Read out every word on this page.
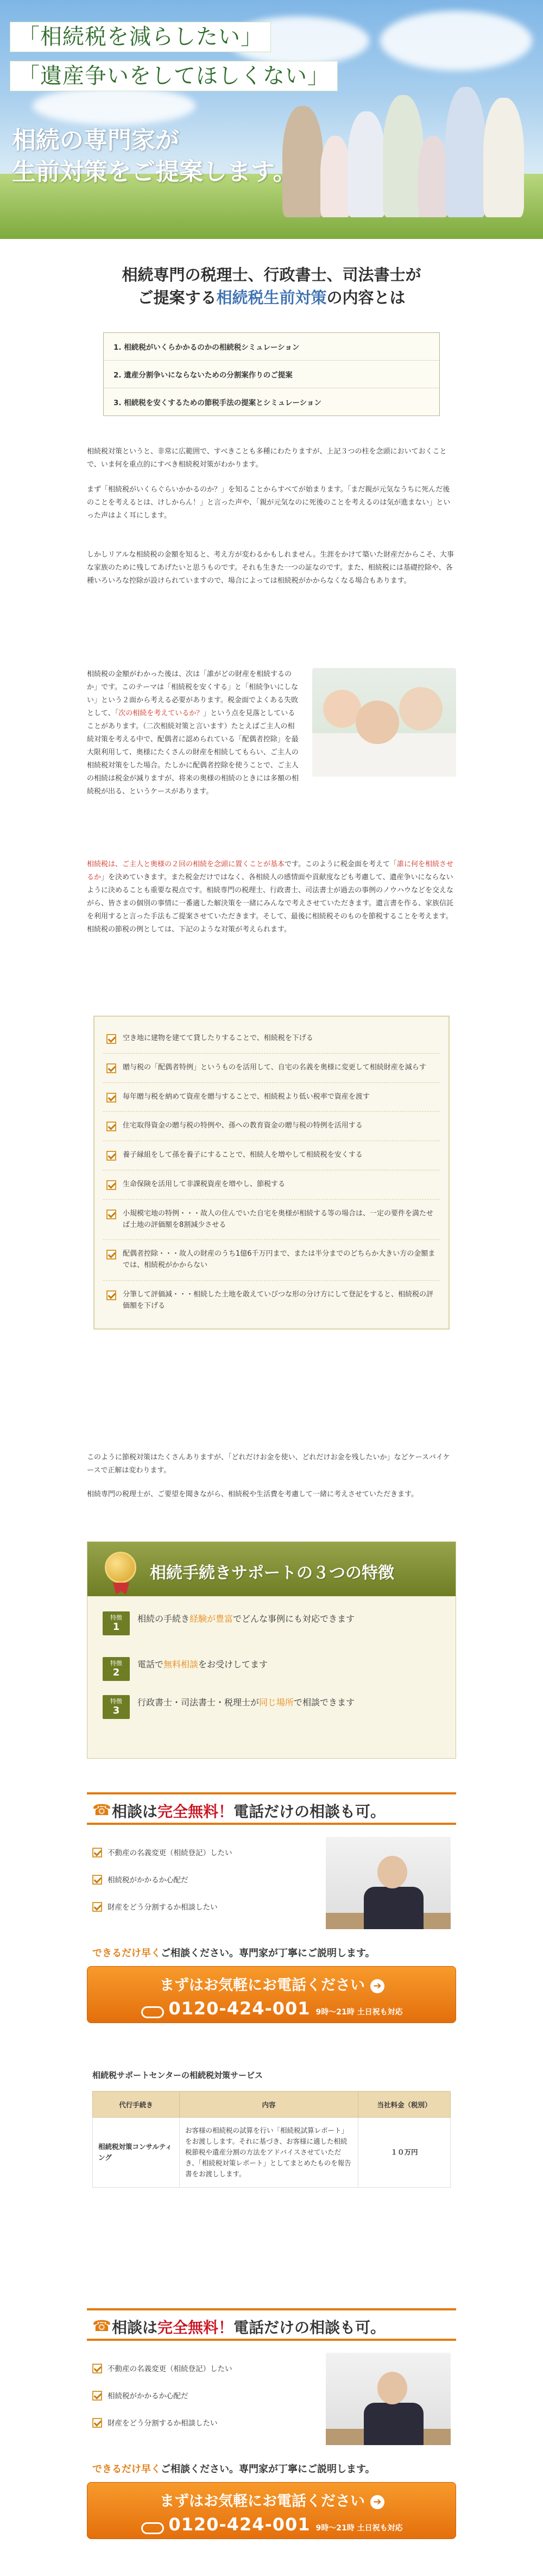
「相続税を減らしたい」
「遺産争いをしてほしくない」
相続の専門家が
生前対策をご提案します。
相続専門の税理士、行政書士、司法書士が
ご提案する相続税生前対策の内容とは
1. 相続税がいくらかかるのかの相続税シミュレーション
2. 遺産分割争いにならないための分割案作りのご提案
3. 相続税を安くするための節税手法の提案とシミュレーション
相続税対策というと、非常に広範囲で、すべきことも多種にわたりますが、上記３つの柱を念頭においておくことで、いま何を重点的にすべき相続税対策がわかります。
まず「相続税がいくらぐらいかかるのか？」を知ることからすべてが始まります。「まだ親が元気なうちに死んだ後のことを考えるとは、けしからん！」と言った声や、「親が元気なのに死後のことを考えるのは気が進まない」といった声はよく耳にします。
しかしリアルな相続税の金額を知ると、考え方が変わるかもしれません。生涯をかけて築いた財産だからこそ、大事な家族のために残してあげたいと思うものです。それも生きた一つの証なのです。また、相続税には基礎控除や、各種いろいろな控除が設けられていますので、場合によっては相続税がかからなくなる場合もあります。
相続税の金額がわかった後は、次は「誰がどの財産を相続するのか」です。このテーマは「相続税を安くする」と「相続争いにしない」という２面から考える必要があります。税金面でよくある失敗として、「次の相続を考えているか？」という点を見落としていることがあります。（二次相続対策と言います）たとえばご主人の相続対策を考える中で、配偶者に認められている「配偶者控除」を最大限利用して、奥様にたくさんの財産を相続してもらい、ご主人の相続税対策をした場合。たしかに配偶者控除を使うことで、ご主人の相続は税金が減りますが、将来の奥様の相続のときには多額の相続税が出る、というケースがあります。
相続税は、ご主人と奥様の２回の相続を念頭に置くことが基本です。このように税金面を考えて「誰に何を相続させるか」を決めていきます。また税金だけではなく、各相続人の感情面や貢献度なども考慮して、遺産争いにならないように決めることも重要な視点です。相続専門の税理士、行政書士、司法書士が過去の事例のノウハウなどを交えながら、皆さまの個別の事情に一番適した解決策を一緒にみんなで考えさせていただきます。遺言書を作る、家族信託を利用すると言った手法もご提案させていただきます。そして、最後に相続税そのものを節税することを考えます。相続税の節税の例としては、下記のような対策が考えられます。
空き地に建物を建てて貸したりすることで、相続税を下げる
贈与税の「配偶者特例」というものを活用して、自宅の名義を奥様に変更して相続財産を減らす
毎年贈与税を納めて資産を贈与することで、相続税より低い税率で資産を渡す
住宅取得資金の贈与税の特例や、孫への教育資金の贈与税の特例を活用する
養子縁組をして孫を養子にすることで、相続人を増やして相続税を安くする
生命保険を活用して非課税資産を増やし、節税する
小規模宅地の特例・・・故人の住んでいた自宅を奥様が相続する等の場合は、一定の要件を満たせば土地の評価額を8割減少させる
配偶者控除・・・故人の財産のうち1億6千万円まで、または半分までのどちらか大きい方の金額までは、相続税がかからない
分筆して評価減・・・相続した土地を敢えていびつな形の分け方にして登記をすると、相続税の評価額を下げる
このように節税対策はたくさんありますが、「どれだけお金を使い、どれだけお金を残したいか」などケースバイケースで正解は変わります。
相続専門の税理士が、ご要望を聞きながら、相続税や生活費を考慮して一緒に考えさせていただきます。
相続手続きサポートの３つの特徴
特徴
1
相続の手続き経験が豊富でどんな事例にも対応できます
特徴
2
電話で無料相談をお受けしてます
特徴
3
行政書士・司法書士・税理士が同じ場所で相談できます
☎ 相談は完全無料！電話だけの相談も可。
不動産の名義変更（相続登記）したい
相続税がかかるか心配だ
財産をどう分割するか相談したい
できるだけ早くご相談ください。専門家が丁寧にご説明します。
まずはお気軽にお電話ください ➔
0120-424-001 9時～21時 土日祝も対応
相続税サポートセンターの相続税対策サービス
代行手続き	内容	当社料金（税別）
相続税対策コンサルティング	お客様の相続税の試算を行い「相続税試算レポート」をお渡しします。それに基づき、お客様に適した相続税節税や遺産分割の方法をアドバイスさせていただき、「相続税対策レポート」としてまとめたものを報告書をお渡しします。	１０万円
☎ 相談は完全無料！電話だけの相談も可。
不動産の名義変更（相続登記）したい
相続税がかかるか心配だ
財産をどう分割するか相談したい
できるだけ早くご相談ください。専門家が丁寧にご説明します。
まずはお気軽にお電話ください ➔
0120-424-001 9時～21時 土日祝も対応
